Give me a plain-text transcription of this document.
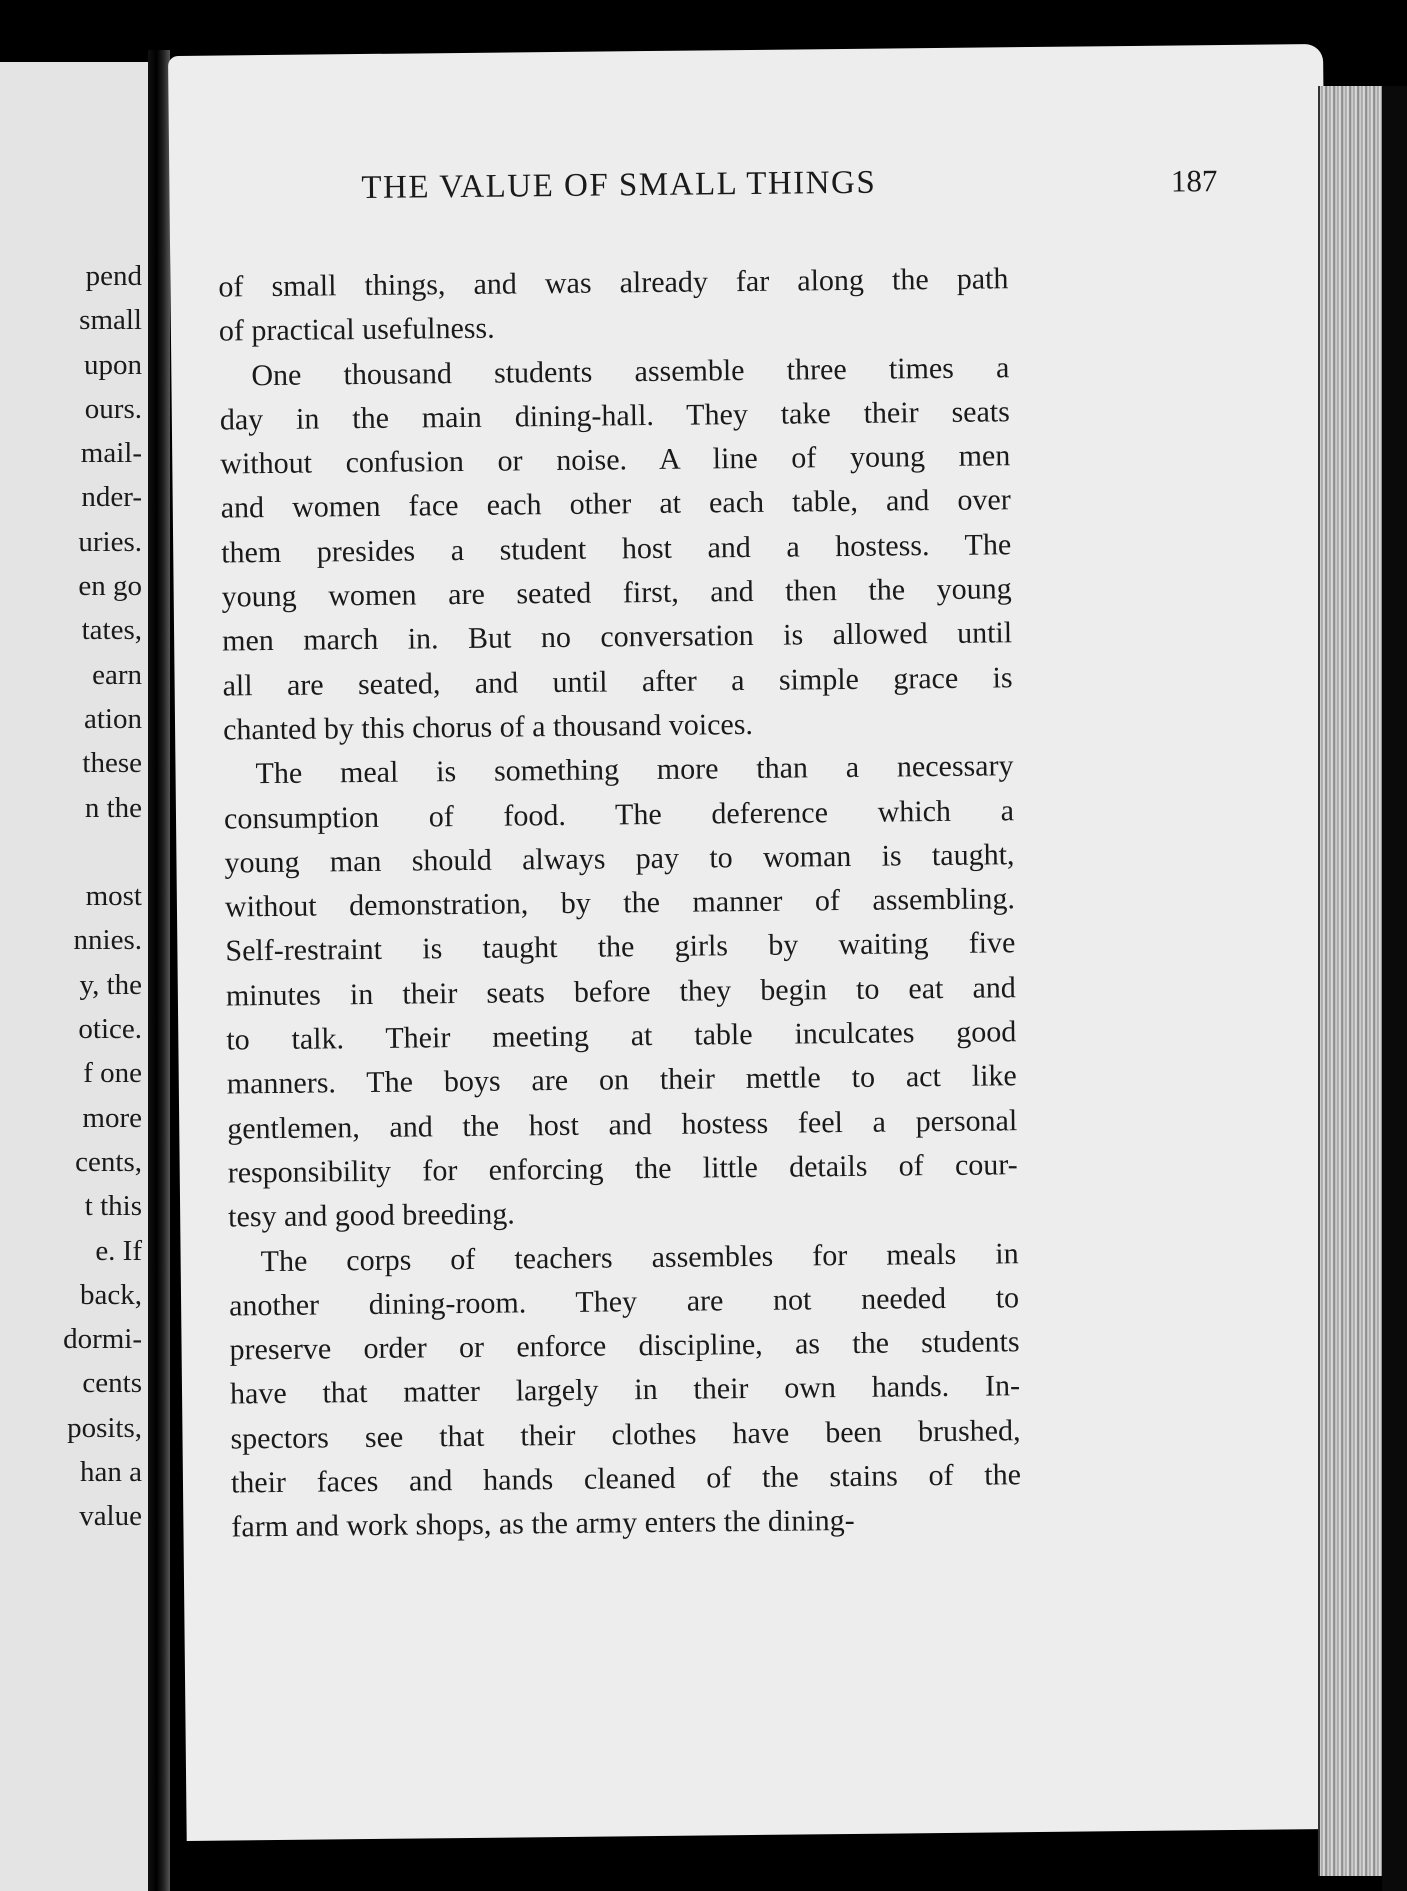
pend
small
upon
ours.
mail-
nder-
uries.
en go
tates,
earn
ation
these
n the
most
nnies.
y, the
otice.
f one
more
cents,
t this
e. If
back,
dormi-
cents
posits,
han a
value
THE VALUE OF SMALL THINGS	187
of small things, and was already far along the path
of practical usefulness.
One thousand students assemble three times a
day in the main dining-hall. They take their seats
without confusion or noise. A line of young men
and women face each other at each table, and over
them presides a student host and a hostess. The
young women are seated first, and then the young
men march in. But no conversation is allowed until
all are seated, and until after a simple grace is
chanted by this chorus of a thousand voices.
The meal is something more than a necessary
consumption of food. The deference which a
young man should always pay to woman is taught,
without demonstration, by the manner of assembling.
Self-restraint is taught the girls by waiting five
minutes in their seats before they begin to eat and
to talk. Their meeting at table inculcates good
manners. The boys are on their mettle to act like
gentlemen, and the host and hostess feel a personal
responsibility for enforcing the little details of cour-
tesy and good breeding.
The corps of teachers assembles for meals in
another dining-room. They are not needed to
preserve order or enforce discipline, as the students
have that matter largely in their own hands. In-
spectors see that their clothes have been brushed,
their faces and hands cleaned of the stains of the
farm and work shops, as the army enters the dining-
